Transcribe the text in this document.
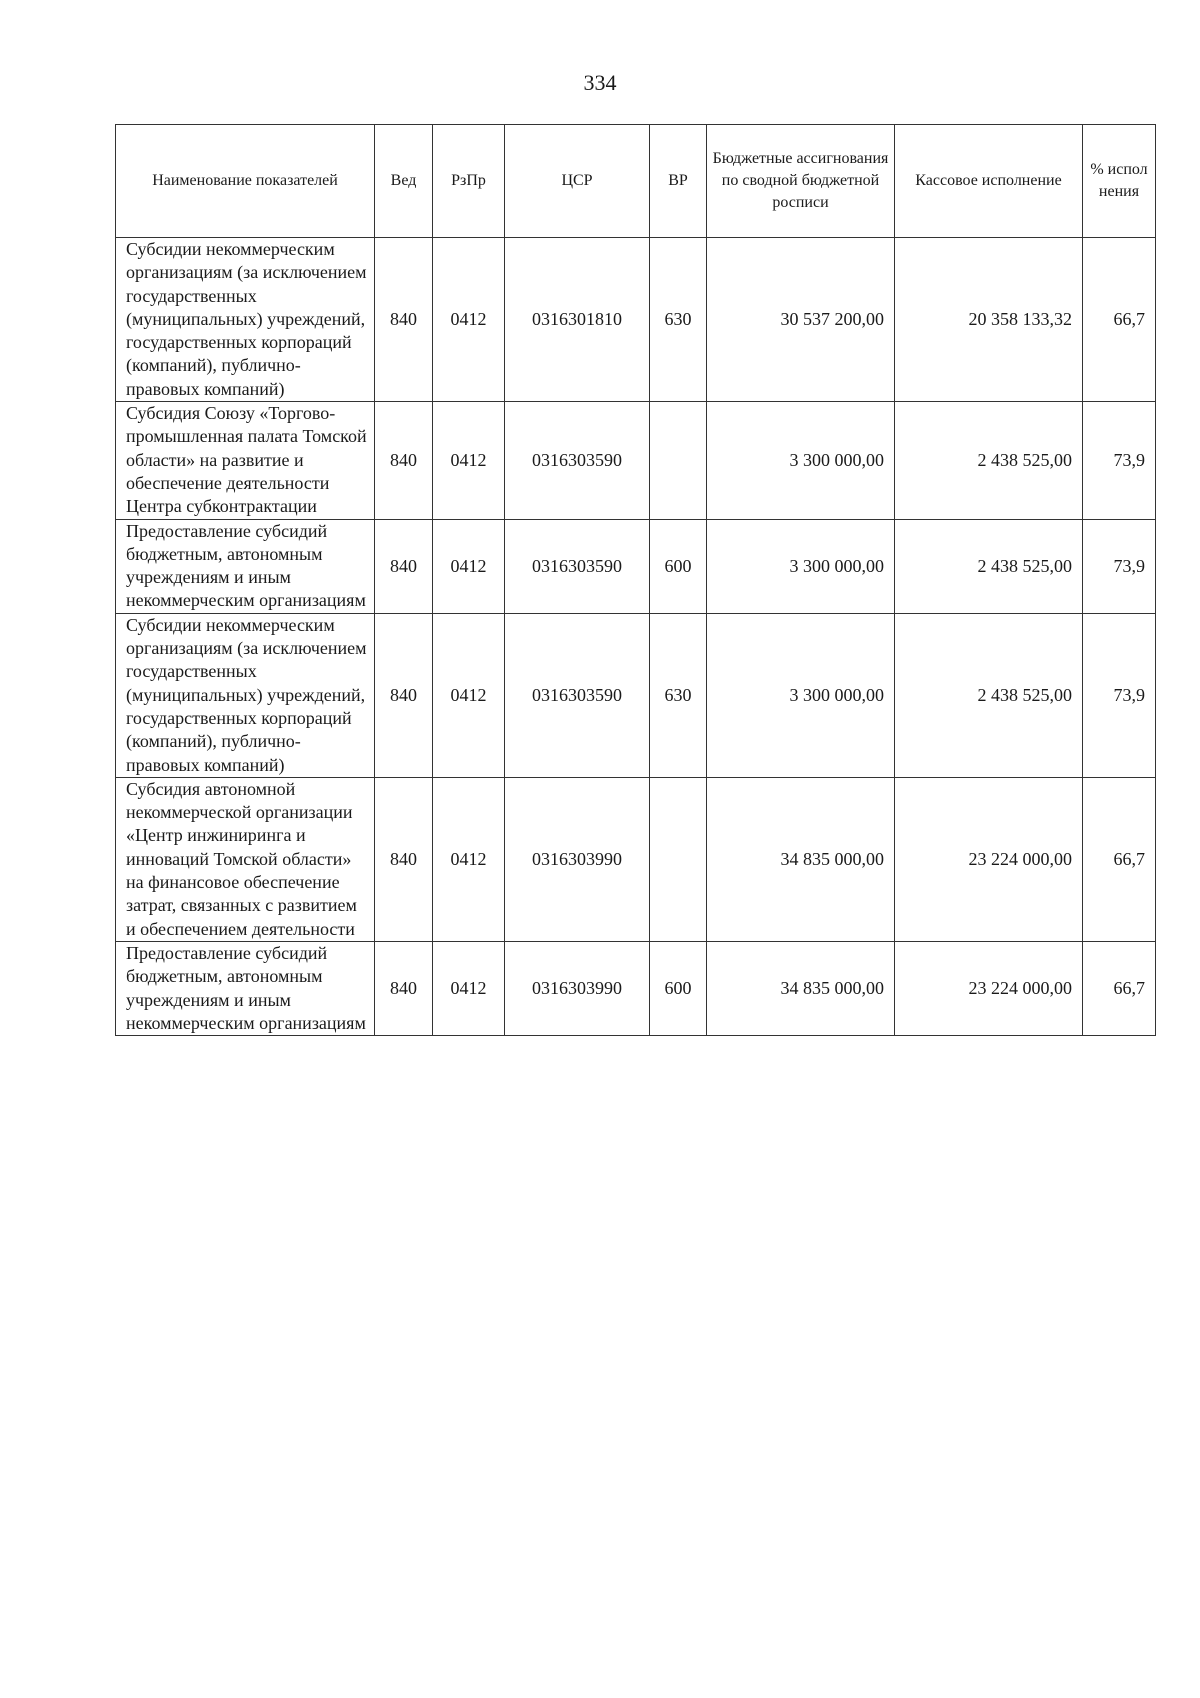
334
Наименование показателей	Вед	РзПр	ЦСР	ВР	Бюджетные ассигнования по сводной бюджетной росписи	Кассовое исполнение	% испол нения
Субсидии некоммерческим организациям (за исключением государственных (муниципальных) учреждений, государственных корпораций (компаний), публично-правовых компаний)	840	0412	0316301810	630	30 537 200,00	20 358 133,32	66,7
Субсидия Союзу «Торгово-промышленная палата Томской области» на развитие и обеспечение деятельности Центра субконтрактации	840	0412	0316303590		3 300 000,00	2 438 525,00	73,9
Предоставление субсидий бюджетным, автономным учреждениям и иным некоммерческим организациям	840	0412	0316303590	600	3 300 000,00	2 438 525,00	73,9
Субсидии некоммерческим организациям (за исключением государственных (муниципальных) учреждений, государственных корпораций (компаний), публично-правовых компаний)	840	0412	0316303590	630	3 300 000,00	2 438 525,00	73,9
Субсидия автономной некоммерческой организации «Центр инжиниринга и инноваций Томской области» на финансовое обеспечение затрат, связанных с развитием и обеспечением деятельности	840	0412	0316303990		34 835 000,00	23 224 000,00	66,7
Предоставление субсидий бюджетным, автономным учреждениям и иным некоммерческим организациям	840	0412	0316303990	600	34 835 000,00	23 224 000,00	66,7
